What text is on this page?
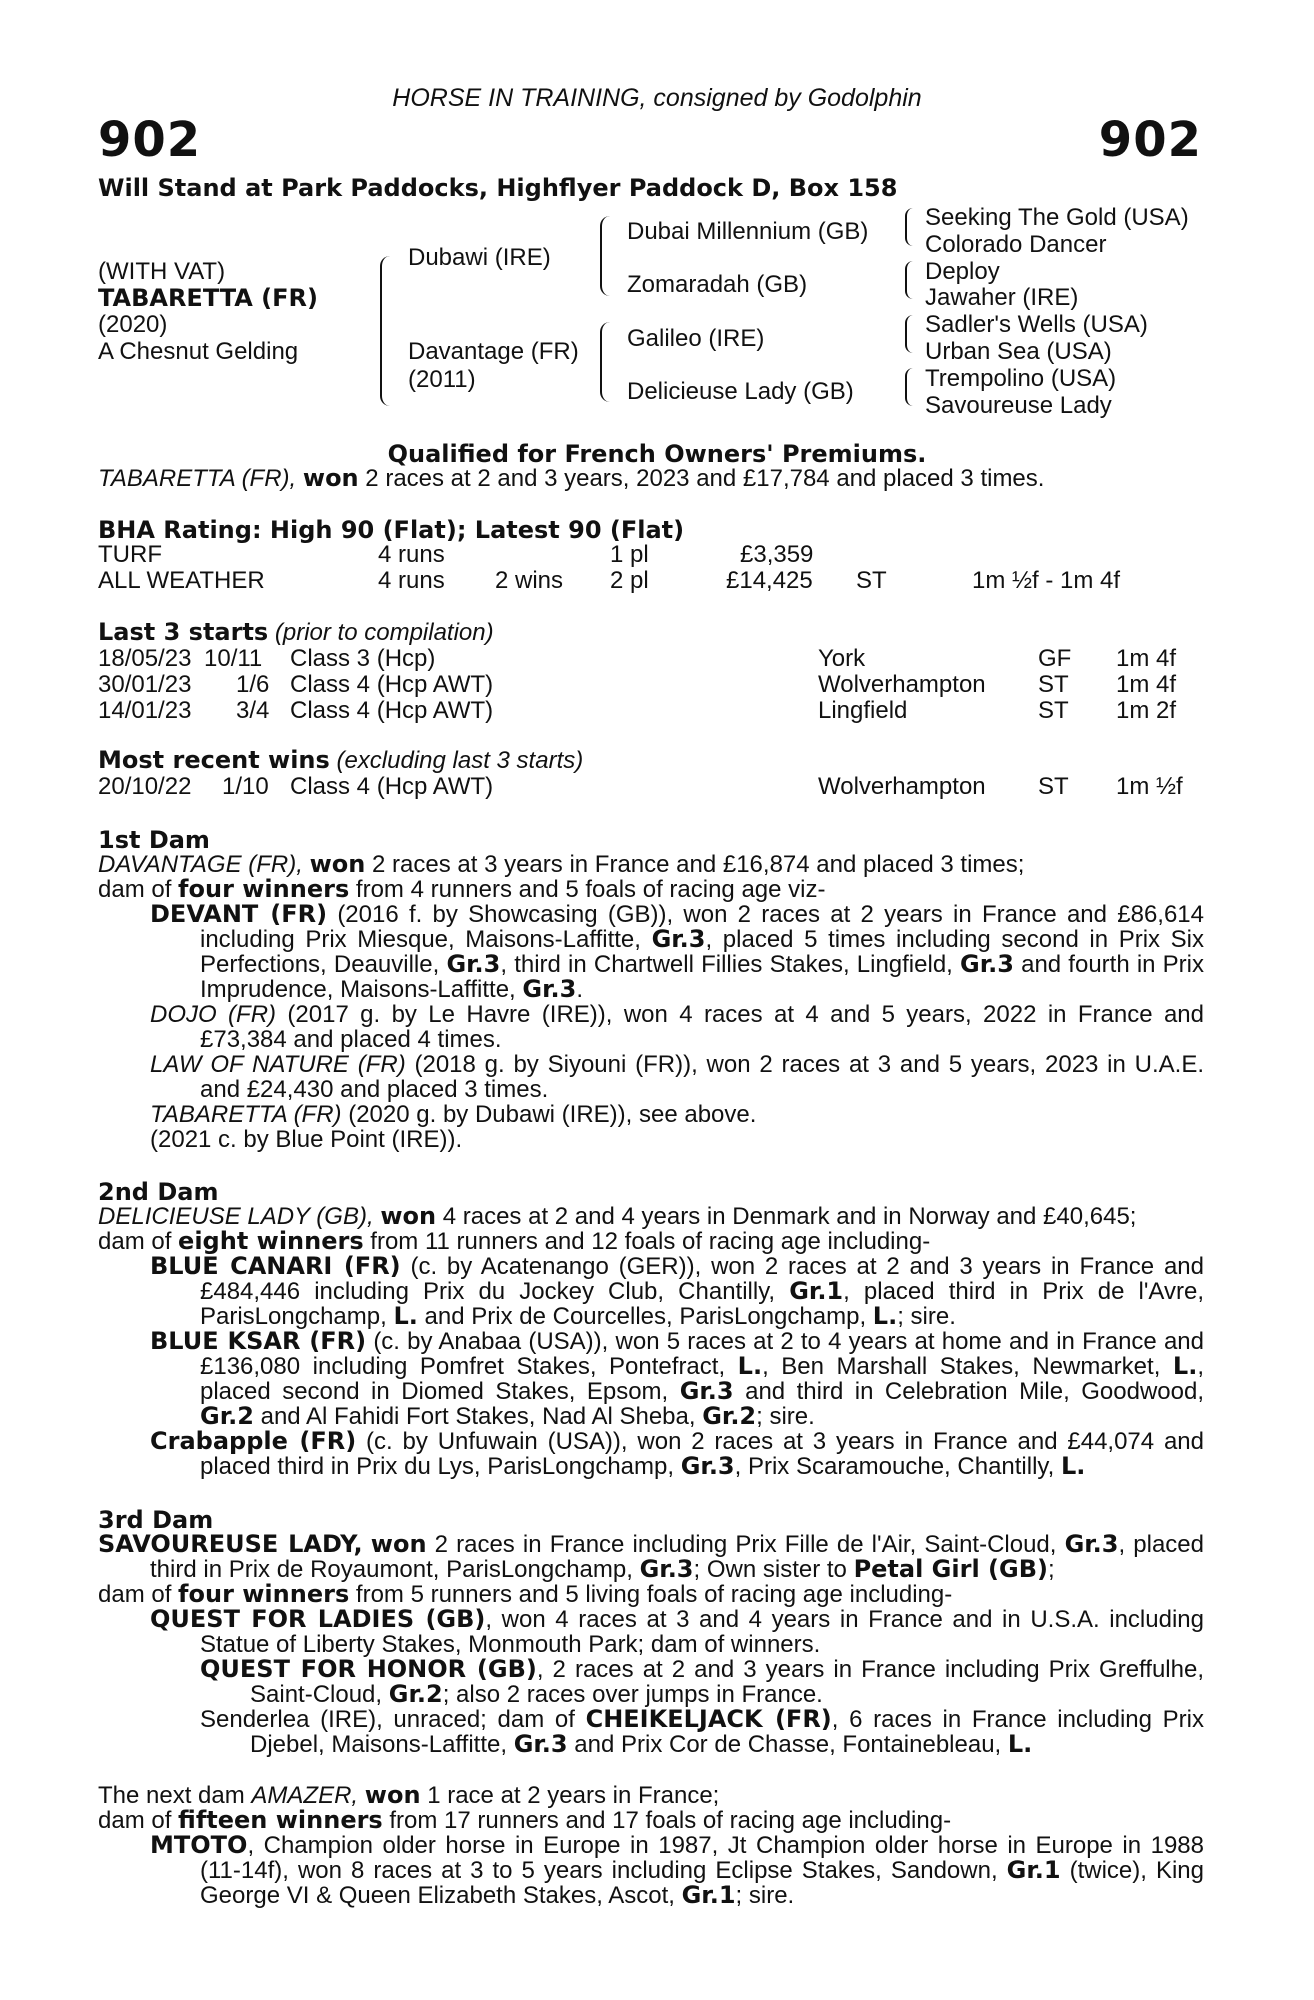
HORSE IN TRAINING, consigned by Godolphin
902	902
Will Stand at Park Paddocks, Highflyer Paddock D, Box 158
(WITH VAT)
TABARETTA (FR)
(2020)
A Chesnut Gelding
Dubawi (IRE)
Davantage (FR)
(2011)
Dubai Millennium (GB)
Zomaradah (GB)
Galileo (IRE)
Delicieuse Lady (GB)
Seeking The Gold (USA)
Colorado Dancer
Deploy
Jawaher (IRE)
Sadler's Wells (USA)
Urban Sea (USA)
Trempolino (USA)
Savoureuse Lady
Qualified for French Owners' Premiums.
TABARETTA (FR), won 2 races at 2 and 3 years, 2023 and £17,784 and placed 3 times.
BHA Rating: High 90 (Flat); Latest 90 (Flat)
TURF	4 runs	1 pl	£3,359
ALL WEATHER	4 runs 2 wins 2 pl	£14,425 ST	1m ½f - 1m 4f
Last 3 starts (prior to compilation)
18/05/23 10/11 Class 3 (Hcp)	York	GF 1m 4f
30/01/23 1/6 Class 4 (Hcp AWT)	Wolverhampton ST 1m 4f
14/01/23 3/4 Class 4 (Hcp AWT)	Lingfield	ST 1m 2f
Most recent wins (excluding last 3 starts)
20/10/22 1/10 Class 4 (Hcp AWT)	Wolverhampton ST 1m ½f
1st Dam
DAVANTAGE (FR), won 2 races at 3 years in France and £16,874 and placed 3 times;
dam of four winners from 4 runners and 5 foals of racing age viz-
DEVANT (FR) (2016 f. by Showcasing (GB)), won 2 races at 2 years in France and £86,614 including Prix Miesque, Maisons-Laffitte, Gr.3, placed 5 times including second in Prix Six Perfections, Deauville, Gr.3, third in Chartwell Fillies Stakes, Lingfield, Gr.3 and fourth in Prix Imprudence, Maisons-Laffitte, Gr.3.
DOJO (FR) (2017 g. by Le Havre (IRE)), won 4 races at 4 and 5 years, 2022 in France and £73,384 and placed 4 times.
LAW OF NATURE (FR) (2018 g. by Siyouni (FR)), won 2 races at 3 and 5 years, 2023 in U.A.E. and £24,430 and placed 3 times.
TABARETTA (FR) (2020 g. by Dubawi (IRE)), see above.
(2021 c. by Blue Point (IRE)).
2nd Dam
DELICIEUSE LADY (GB), won 4 races at 2 and 4 years in Denmark and in Norway and £40,645;
dam of eight winners from 11 runners and 12 foals of racing age including-
BLUE CANARI (FR) (c. by Acatenango (GER)), won 2 races at 2 and 3 years in France and £484,446 including Prix du Jockey Club, Chantilly, Gr.1, placed third in Prix de l'Avre, ParisLongchamp, L. and Prix de Courcelles, ParisLongchamp, L.; sire.
BLUE KSAR (FR) (c. by Anabaa (USA)), won 5 races at 2 to 4 years at home and in France and £136,080 including Pomfret Stakes, Pontefract, L., Ben Marshall Stakes, Newmarket, L., placed second in Diomed Stakes, Epsom, Gr.3 and third in Celebration Mile, Goodwood, Gr.2 and Al Fahidi Fort Stakes, Nad Al Sheba, Gr.2; sire.
Crabapple (FR) (c. by Unfuwain (USA)), won 2 races at 3 years in France and £44,074 and placed third in Prix du Lys, ParisLongchamp, Gr.3, Prix Scaramouche, Chantilly, L.
3rd Dam
SAVOUREUSE LADY, won 2 races in France including Prix Fille de l'Air, Saint-Cloud, Gr.3, placed third in Prix de Royaumont, ParisLongchamp, Gr.3; Own sister to Petal Girl (GB);
dam of four winners from 5 runners and 5 living foals of racing age including-
QUEST FOR LADIES (GB), won 4 races at 3 and 4 years in France and in U.S.A. including Statue of Liberty Stakes, Monmouth Park; dam of winners.
QUEST FOR HONOR (GB), 2 races at 2 and 3 years in France including Prix Greffulhe, Saint-Cloud, Gr.2; also 2 races over jumps in France.
Senderlea (IRE), unraced; dam of CHEIKELJACK (FR), 6 races in France including Prix Djebel, Maisons-Laffitte, Gr.3 and Prix Cor de Chasse, Fontainebleau, L.
The next dam AMAZER, won 1 race at 2 years in France;
dam of fifteen winners from 17 runners and 17 foals of racing age including-
MTOTO, Champion older horse in Europe in 1987, Jt Champion older horse in Europe in 1988 (11-14f), won 8 races at 3 to 5 years including Eclipse Stakes, Sandown, Gr.1 (twice), King George VI & Queen Elizabeth Stakes, Ascot, Gr.1; sire.
